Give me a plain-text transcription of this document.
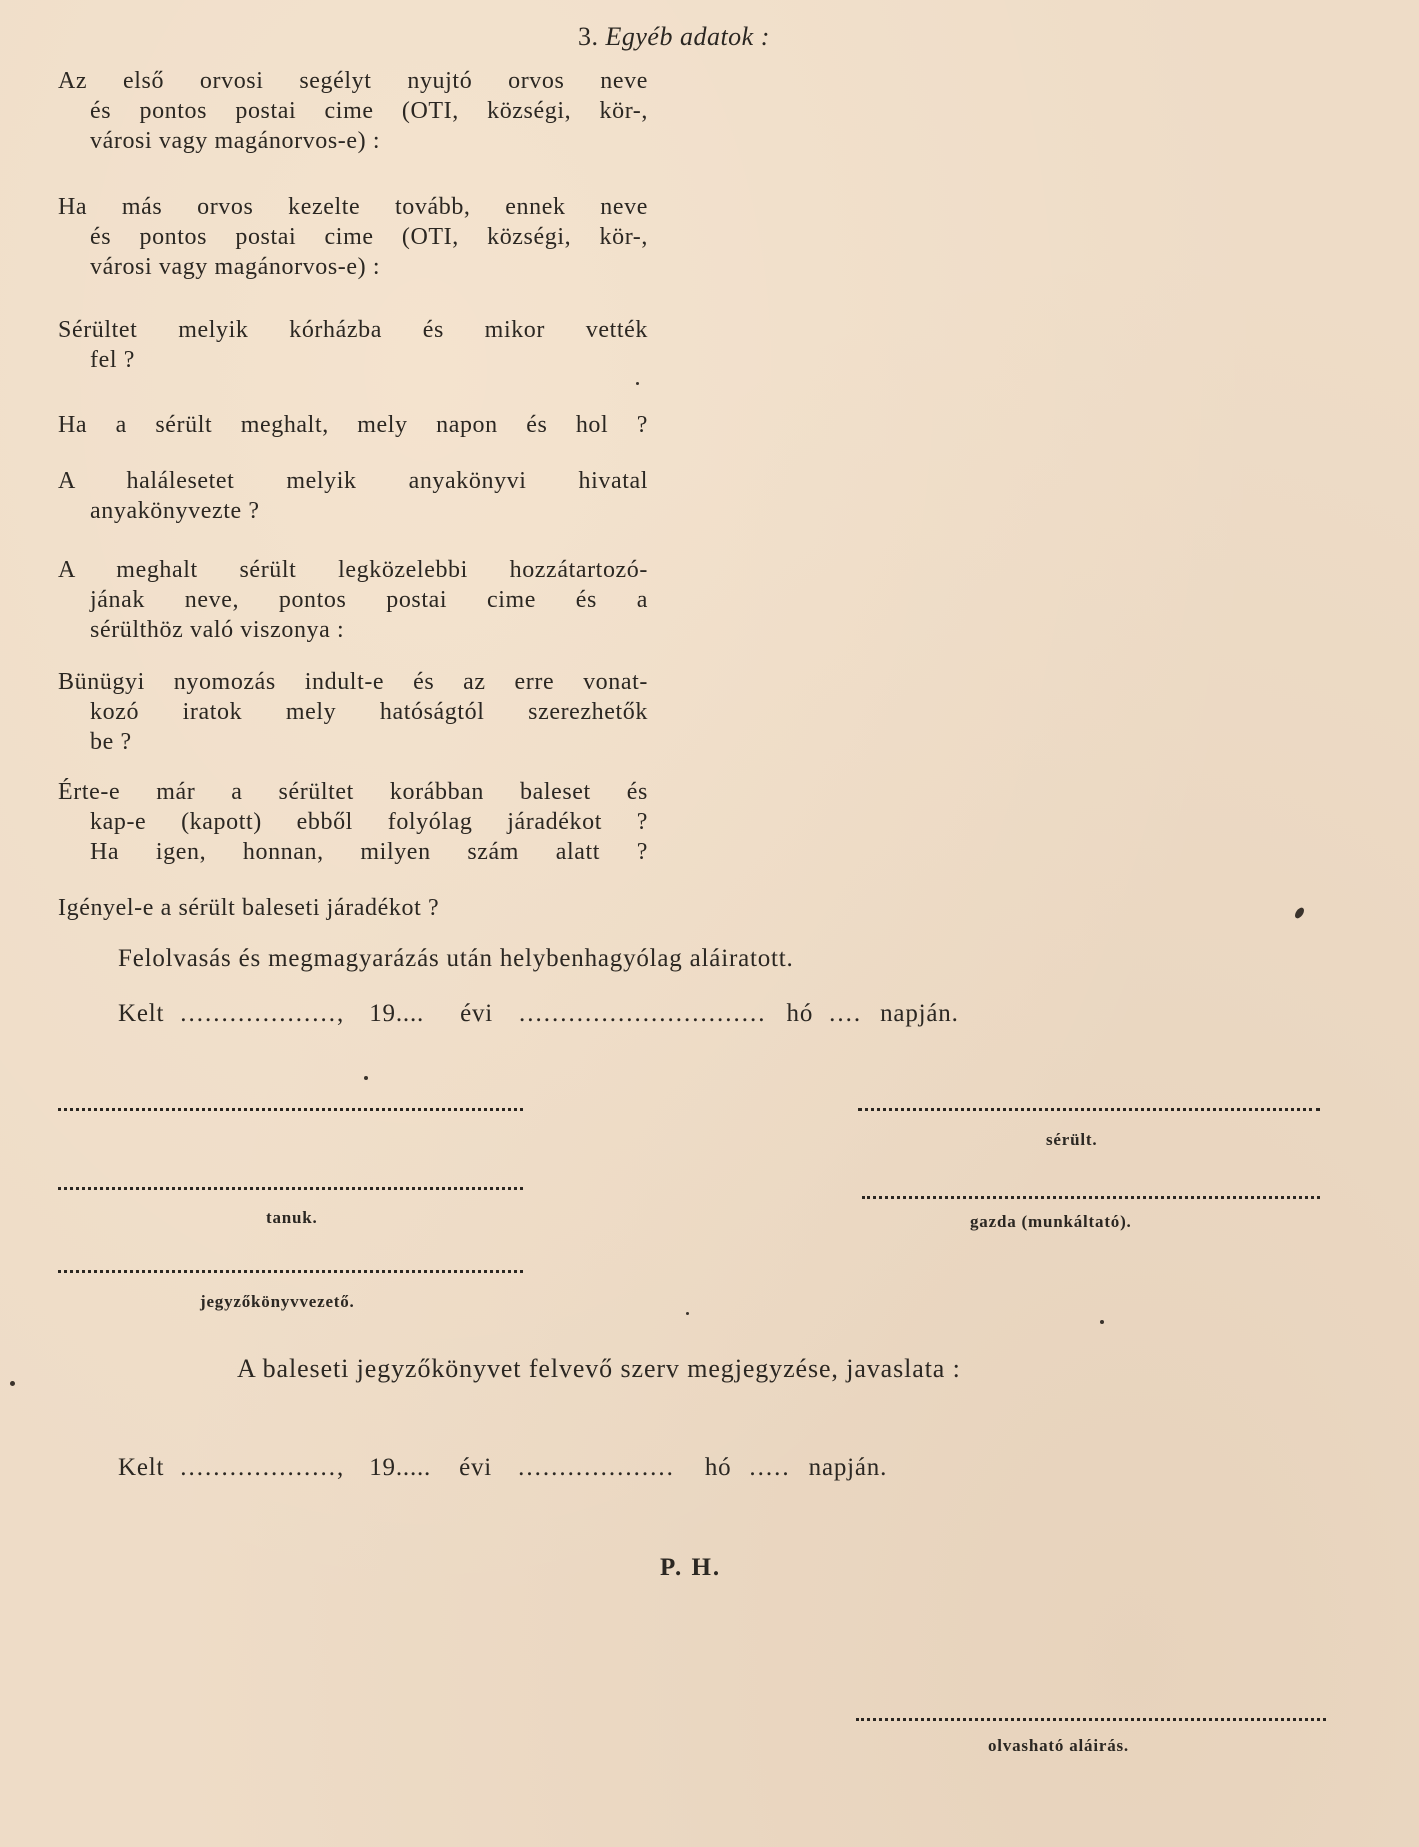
3. Egyéb adatok :
Az első orvosi segélyt nyujtó orvos neve
és pontos postai cime (OTI, községi, kör-,
városi vagy magánorvos-e) :
Ha más orvos kezelte tovább, ennek neve
és pontos postai cime (OTI, községi, kör-,
városi vagy magánorvos-e) :
Sérültet melyik kórházba és mikor vették
fel ?
Ha a sérült meghalt, mely napon és hol ?
A halálesetet melyik anyakönyvi hivatal
anyakönyvezte ?
A meghalt sérült legközelebbi hozzátartozó-
jának neve, pontos postai cime és a
sérülthöz való viszonya :
Bünügyi nyomozás indult-e és az erre vonat-
kozó iratok mely hatóságtól szerezhetők
be ?
Érte-e már a sérültet korábban baleset és
kap-e (kapott) ebből folyólag járadékot ?
Ha igen, honnan, milyen szám alatt ?
Igényel-e a sérült baleseti járadékot ?
Felolvasás és megmagyarázás után helybenhagyólag aláiratott.
Kelt ..................., 19.... évi .............................. hó .... napján.
sérült.
tanuk.	gazda (munkáltató).
jegyzőkönyvvezető.
A baleseti jegyzőkönyvet felvevő szerv megjegyzése, javaslata :
Kelt ..................., 19..... évi ................... hó ..... napján.
P. H.
olvasható aláirás.
